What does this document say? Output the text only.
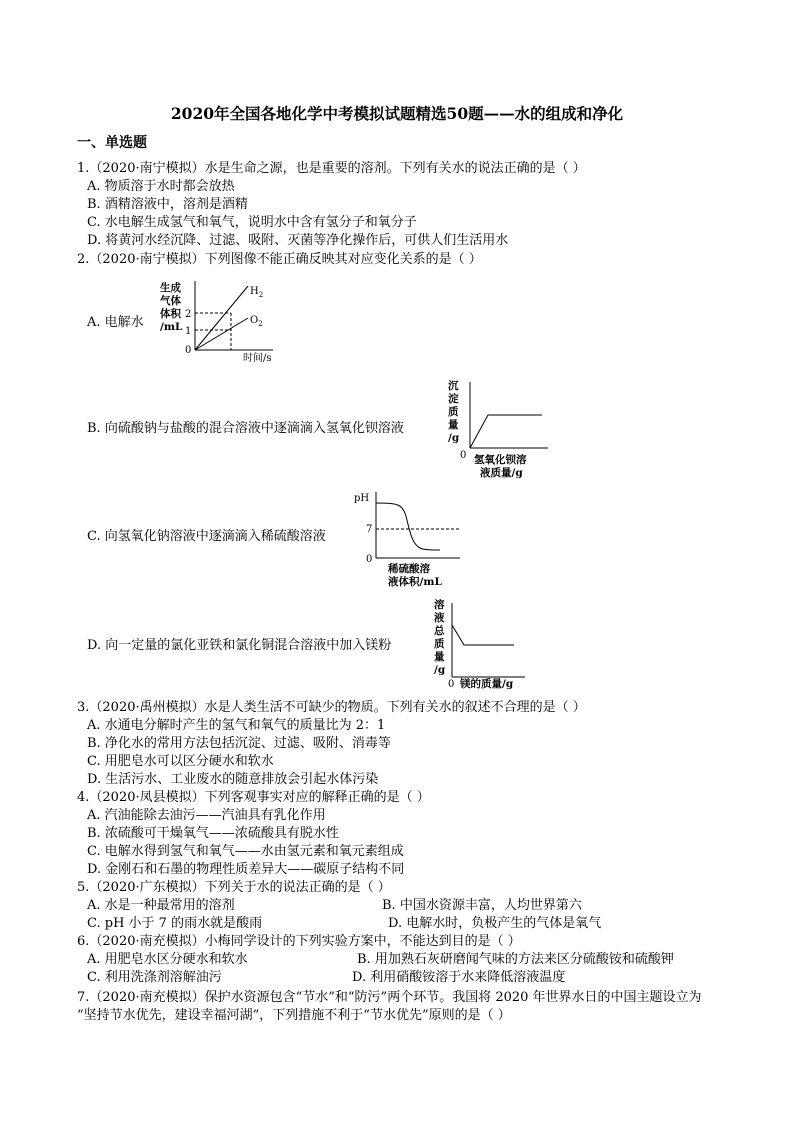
2020年全国各地化学中考模拟试题精选50题——水的组成和净化
一、单选题
1.（2020·南宁模拟）水是生命之源，也是重要的溶剂。下列有关水的说法正确的是（ ）
A. 物质溶于水时都会放热
B. 酒精溶液中，溶剂是酒精
C. 水电解生成氢气和氧气，说明水中含有氢分子和氧分子
D. 将黄河水经沉降、过滤、吸附、灭菌等净化操作后，可供人们生活用水
2.（2020·南宁模拟）下列图像不能正确反映其对应变化关系的是（ ）
A. 电解水
生成
气体
体积
/mL
2
1
0
时间/s
$H_2$
$O_2$
B. 向硫酸钠与盐酸的混合溶液中逐滴滴入氢氧化钡溶液
沉
淀
质
量
/g
氢氧化钡溶
液质量/g
0
C. 向氢氧化钠溶液中逐滴滴入稀硫酸溶液
pH
7
0
稀硫酸溶
液体积/mL
D. 向一定量的氯化亚铁和氯化铜混合溶液中加入镁粉
溶
液
总
质
量
/g
镁的质量/g
0
3.（2020·禹州模拟）水是人类生活不可缺少的物质。下列有关水的叙述不合理的是（ ）
A. 水通电分解时产生的氢气和氧气的质量比为 2：1
B. 净化水的常用方法包括沉淀、过滤、吸附、消毒等
C. 用肥皂水可以区分硬水和软水
D. 生活污水、工业废水的随意排放会引起水体污染
4.（2020·凤县模拟）下列客观事实对应的解释正确的是（ ）
A. 汽油能除去油污——汽油具有乳化作用
B. 浓硫酸可干燥氧气——浓硫酸具有脱水性
C. 电解水得到氢气和氧气——水由氢元素和氧元素组成
D. 金刚石和石墨的物理性质差异大——碳原子结构不同
5.（2020·广东模拟）下列关于水的说法正确的是（ ）
A. 水是一种最常用的溶剂	B. 中国水资源丰富，人均世界第六
C. pH 小于 7 的雨水就是酸雨	D. 电解水时，负极产生的气体是氧气
6.（2020·南充模拟）小梅同学设计的下列实验方案中，不能达到目的是（ ）
A. 用肥皂水区分硬水和软水	B. 用加熟石灰研磨闻气味的方法来区分硫酸铵和硫酸钾
C. 利用洗涤剂溶解油污	D. 利用硝酸铵溶于水来降低溶液温度
7.（2020·南充模拟）保护水资源包含“节水”和“防污”两个环节。我国将 2020 年世界水日的中国主题设立为
“坚持节水优先，建设幸福河湖”，下列措施不利于“节水优先”原则的是（ ）
